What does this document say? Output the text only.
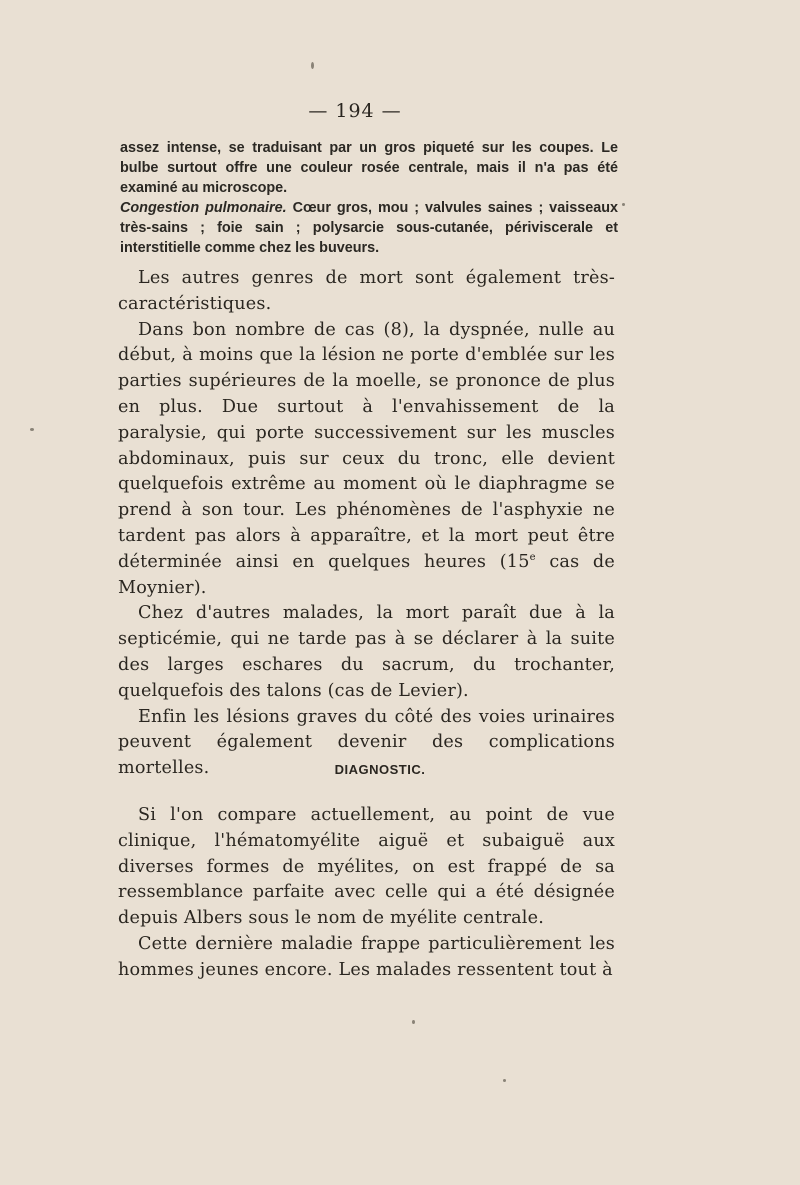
— 194 —

assez intense, se traduisant par un gros piqueté sur les coupes. Le bulbe surtout offre une couleur rosée centrale, mais il n'a pas été examiné au microscope.

Congestion pulmonaire. Cœur gros, mou ; valvules saines ; vaisseaux très-sains ; foie sain ; polysarcie sous-cutanée, périviscerale et interstitielle comme chez les buveurs.

Les autres genres de mort sont également très-caractéristiques.

Dans bon nombre de cas (8), la dyspnée, nulle au début, à moins que la lésion ne porte d'emblée sur les parties supérieures de la moelle, se prononce de plus en plus. Due surtout à l'envahissement de la paralysie, qui porte successivement sur les muscles abdominaux, puis sur ceux du tronc, elle devient quelquefois extrême au moment où le diaphragme se prend à son tour. Les phénomènes de l'asphyxie ne tardent pas alors à apparaître, et la mort peut être déterminée ainsi en quelques heures (15e cas de Moynier).

Chez d'autres malades, la mort paraît due à la septicémie, qui ne tarde pas à se déclarer à la suite des larges eschares du sacrum, du trochanter, quelquefois des talons (cas de Levier).

Enfin les lésions graves du côté des voies urinaires peuvent également devenir des complications mortelles.	DIAGNOSTIC.

Si l'on compare actuellement, au point de vue clinique, l'hématomyélite aiguë et subaiguë aux diverses formes de myélites, on est frappé de sa ressemblance parfaite avec celle qui a été désignée depuis Albers sous le nom de myélite centrale.

Cette dernière maladie frappe particulièrement les hommes jeunes encore. Les malades ressentent tout à
